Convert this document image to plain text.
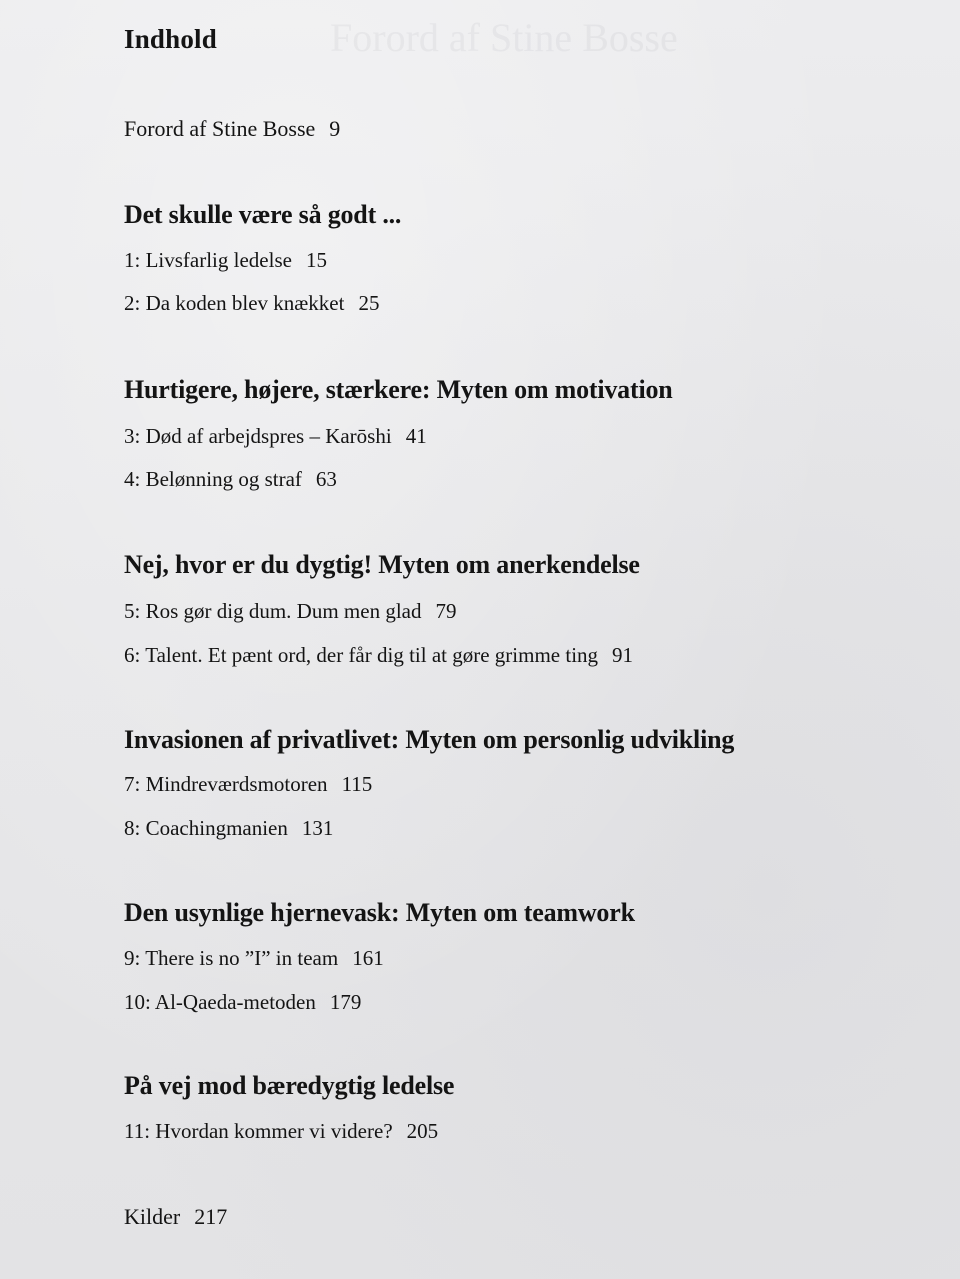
Forord af Stine Bosse
Indhold
Forord af Stine Bosse 9
Det skulle være så godt ...
1: Livsfarlig ledelse 15
2: Da koden blev knækket 25
Hurtigere, højere, stærkere: Myten om motivation
3: Død af arbejdspres – Karōshi 41
4: Belønning og straf 63
Nej, hvor er du dygtig! Myten om anerkendelse
5: Ros gør dig dum. Dum men glad 79
6: Talent. Et pænt ord, der får dig til at gøre grimme ting 91
Invasionen af privatlivet: Myten om personlig udvikling
7: Mindreværdsmotoren 115
8: Coachingmanien 131
Den usynlige hjernevask: Myten om teamwork
9: There is no ”I” in team 161
10: Al-Qaeda-metoden 179
På vej mod bæredygtig ledelse
11: Hvordan kommer vi videre? 205
Kilder 217
